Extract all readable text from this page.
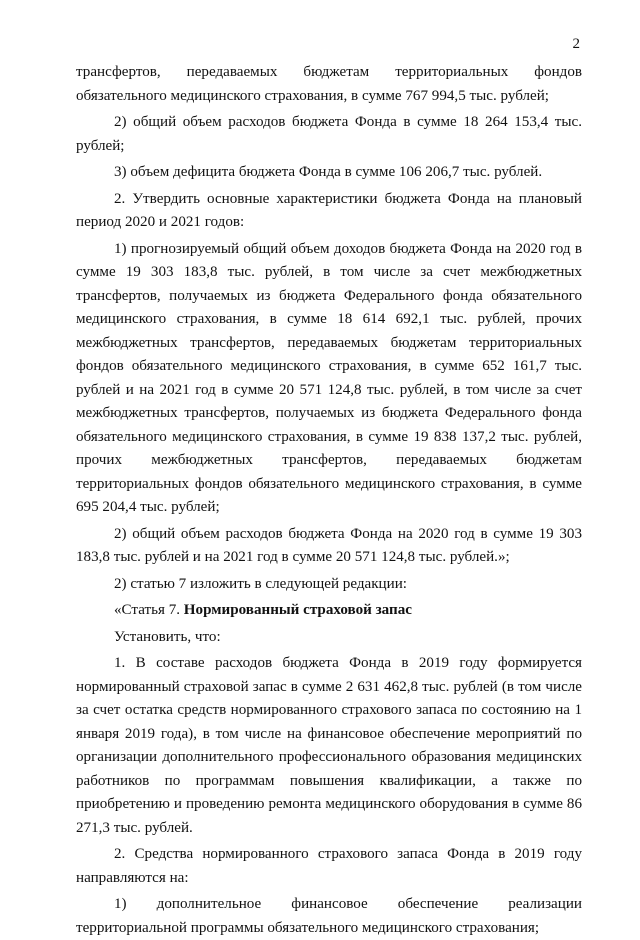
2

трансфертов, передаваемых бюджетам территориальных фондов обязательного медицинского страхования, в сумме 767 994,5 тыс. рублей;

2) общий объем расходов бюджета Фонда в сумме 18 264 153,4 тыс. рублей;

3) объем дефицита бюджета Фонда в сумме 106 206,7 тыс. рублей.

2. Утвердить основные характеристики бюджета Фонда на плановый период 2020 и 2021 годов:

1) прогнозируемый общий объем доходов бюджета Фонда на 2020 год в сумме 19 303 183,8 тыс. рублей, в том числе за счет межбюджетных трансфертов, получаемых из бюджета Федерального фонда обязательного медицинского страхования, в сумме 18 614 692,1 тыс. рублей, прочих межбюджетных трансфертов, передаваемых бюджетам территориальных фондов обязательного медицинского страхования, в сумме 652 161,7 тыс. рублей и на 2021 год в сумме 20 571 124,8 тыс. рублей, в том числе за счет межбюджетных трансфертов, получаемых из бюджета Федерального фонда обязательного медицинского страхования, в сумме 19 838 137,2 тыс. рублей, прочих межбюджетных трансфертов, передаваемых бюджетам территориальных фондов обязательного медицинского страхования, в сумме 695 204,4 тыс. рублей;

2) общий объем расходов бюджета Фонда на 2020 год в сумме 19 303 183,8 тыс. рублей и на 2021 год в сумме 20 571 124,8 тыс. рублей.»;

2) статью 7 изложить в следующей редакции:

«Статья 7. Нормированный страховой запас

Установить, что:

1. В составе расходов бюджета Фонда в 2019 году формируется нормированный страховой запас в сумме 2 631 462,8 тыс. рублей (в том числе за счет остатка средств нормированного страхового запаса по состоянию на 1 января 2019 года), в том числе на финансовое обеспечение мероприятий по организации дополнительного профессионального образования медицинских работников по программам повышения квалификации, а также по приобретению и проведению ремонта медицинского оборудования в сумме 86 271,3 тыс. рублей.

2. Средства нормированного страхового запаса Фонда в 2019 году направляются на:

1) дополнительное финансовое обеспечение реализации территориальной программы обязательного медицинского страхования;
